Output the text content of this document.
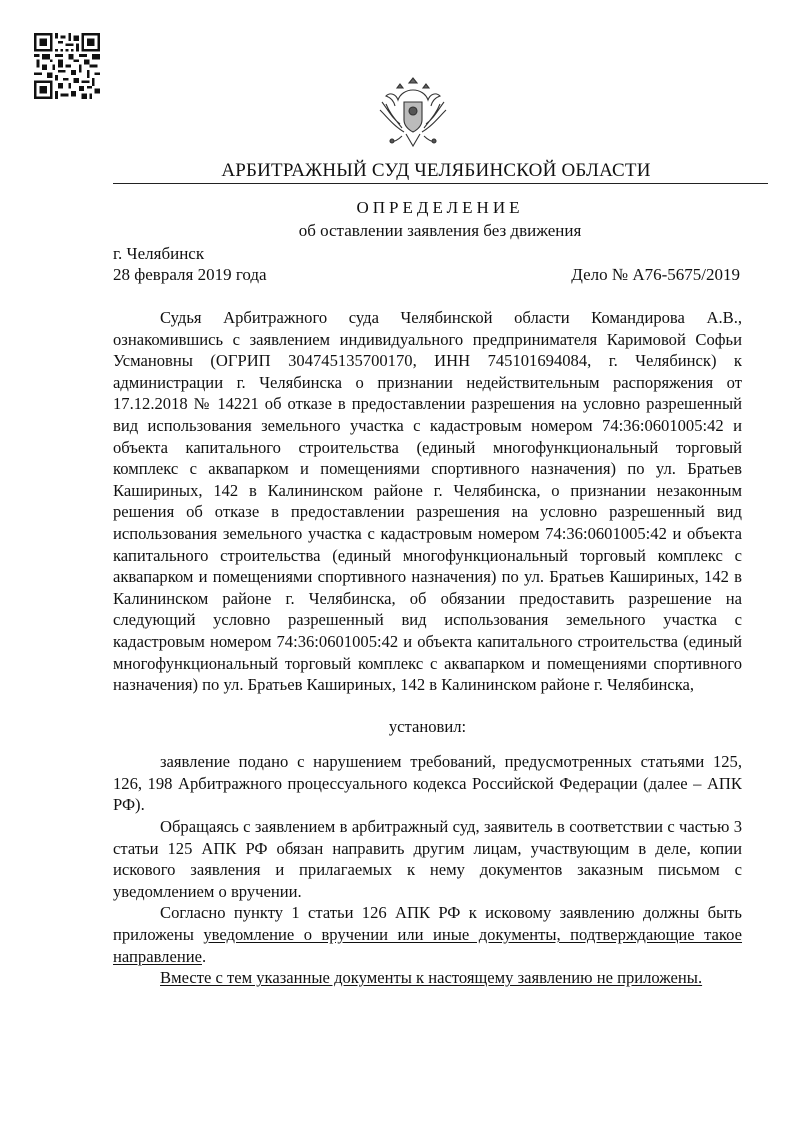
АРБИТРАЖНЫЙ СУД ЧЕЛЯБИНСКОЙ ОБЛАСТИ
ОПРЕДЕЛЕНИЕ
об оставлении заявления без движения
г. Челябинск
28 февраля 2019 года	Дело № А76-5675/2019

Судья Арбитражного суда Челябинской области Командирова А.В., ознакомившись с заявлением индивидуального предпринимателя Каримовой Софьи Усмановны (ОГРИП 304745135700170, ИНН 745101694084, г. Челябинск) к администрации г. Челябинска о признании недействительным распоряжения от 17.12.2018 № 14221 об отказе в предоставлении разрешения на условно разрешенный вид использования земельного участка с кадастровым номером 74:36:0601005:42 и объекта капитального строительства (единый многофункциональный торговый комплекс с аквапарком и помещениями спортивного назначения) по ул. Братьев Кашириных, 142 в Калининском районе г. Челябинска, о признании незаконным решения об отказе в предоставлении разрешения на условно разрешенный вид использования земельного участка с кадастровым номером 74:36:0601005:42 и объекта капитального строительства (единый многофункциональный торговый комплекс с аквапарком и помещениями спортивного назначения) по ул. Братьев Кашириных, 142 в Калининском районе г. Челябинска, об обязании предоставить разрешение на следующий условно разрешенный вид использования земельного участка с кадастровым номером 74:36:0601005:42 и объекта капитального строительства (единый многофункциональный торговый комплекс с аквапарком и помещениями спортивного назначения) по ул. Братьев Кашириных, 142 в Калининском районе г. Челябинска,

установил:

заявление подано с нарушением требований, предусмотренных статьями 125, 126, 198 Арбитражного процессуального кодекса Российской Федерации (далее – АПК РФ).

Обращаясь с заявлением в арбитражный суд, заявитель в соответствии с частью 3 статьи 125 АПК РФ обязан направить другим лицам, участвующим в деле, копии искового заявления и прилагаемых к нему документов заказным письмом с уведомлением о вручении.

Согласно пункту 1 статьи 126 АПК РФ к исковому заявлению должны быть приложены уведомление о вручении или иные документы, подтверждающие такое направление.

Вместе с тем указанные документы к настоящему заявлению не приложены.
